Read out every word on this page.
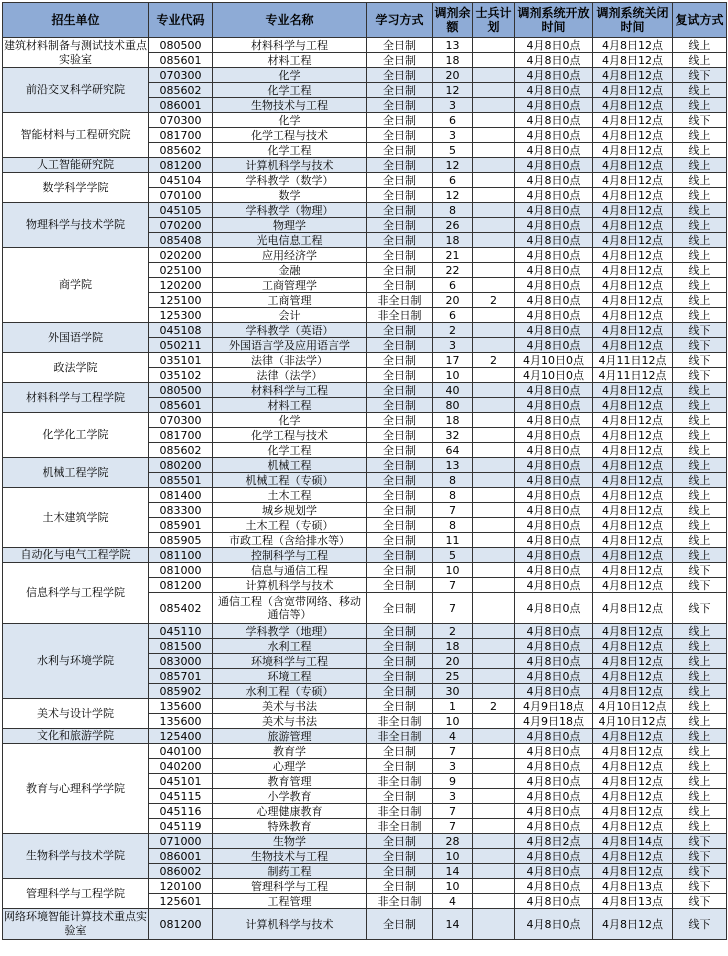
招生单位	专业代码	专业名称	学习方式	调剂余额	士兵计划	调剂系统开放时间	调剂系统关闭时间	复试方式
建筑材料制备与测试技术重点实验室	080500	材料科学与工程	全日制	13		4月8日0点	4月8日12点	线上
	085601	材料工程	全日制	18		4月8日0点	4月8日12点	线上
前沿交叉科学研究院	070300	化学	全日制	20		4月8日0点	4月8日12点	线下
	085602	化学工程	全日制	12		4月8日0点	4月8日12点	线上
	086001	生物技术与工程	全日制	3		4月8日0点	4月8日12点	线上
智能材料与工程研究院	070300	化学	全日制	6		4月8日0点	4月8日12点	线下
	081700	化学工程与技术	全日制	3		4月8日0点	4月8日12点	线上
	085602	化学工程	全日制	5		4月8日0点	4月8日12点	线上
人工智能研究院	081200	计算机科学与技术	全日制	12		4月8日0点	4月8日12点	线上
数学科学学院	045104	学科教学（数学）	全日制	6		4月8日0点	4月8日12点	线上
	070100	数学	全日制	12		4月8日0点	4月8日12点	线上
物理科学与技术学院	045105	学科教学（物理）	全日制	8		4月8日0点	4月8日12点	线上
	070200	物理学	全日制	26		4月8日0点	4月8日12点	线上
	085408	光电信息工程	全日制	18		4月8日0点	4月8日12点	线上
商学院	020200	应用经济学	全日制	21		4月8日0点	4月8日12点	线上
	025100	金融	全日制	22		4月8日0点	4月8日12点	线上
	120200	工商管理学	全日制	6		4月8日0点	4月8日12点	线上
	125100	工商管理	非全日制	20	2	4月8日0点	4月8日12点	线上
	125300	会计	非全日制	6		4月8日0点	4月8日12点	线上
外国语学院	045108	学科教学（英语）	全日制	2		4月8日0点	4月8日12点	线下
	050211	外国语言学及应用语言学	全日制	3		4月8日0点	4月8日12点	线下
政法学院	035101	法律（非法学）	全日制	17	2	4月10日0点	4月11日12点	线下
	035102	法律（法学）	全日制	10		4月10日0点	4月11日12点	线下
材料科学与工程学院	080500	材料科学与工程	全日制	40		4月8日0点	4月8日12点	线上
	085601	材料工程	全日制	80		4月8日0点	4月8日12点	线上
化学化工学院	070300	化学	全日制	18		4月8日0点	4月8日12点	线上
	081700	化学工程与技术	全日制	32		4月8日0点	4月8日12点	线上
	085602	化学工程	全日制	64		4月8日0点	4月8日12点	线上
机械工程学院	080200	机械工程	全日制	13		4月8日0点	4月8日12点	线上
	085501	机械工程（专硕）	全日制	8		4月8日0点	4月8日12点	线上
土木建筑学院	081400	土木工程	全日制	8		4月8日0点	4月8日12点	线上
	083300	城乡规划学	全日制	7		4月8日0点	4月8日12点	线上
	085901	土木工程（专硕）	全日制	8		4月8日0点	4月8日12点	线上
	085905	市政工程（含给排水等）	全日制	11		4月8日0点	4月8日12点	线上
自动化与电气工程学院	081100	控制科学与工程	全日制	5		4月8日0点	4月8日12点	线上
信息科学与工程学院	081000	信息与通信工程	全日制	10		4月8日0点	4月8日12点	线下
	081200	计算机科学与技术	全日制	7		4月8日0点	4月8日12点	线下
	085402	通信工程（含宽带网络、移动通信等）	全日制	7		4月8日0点	4月8日12点	线下
水利与环境学院	045110	学科教学（地理）	全日制	2		4月8日0点	4月8日12点	线上
	081500	水利工程	全日制	18		4月8日0点	4月8日12点	线上
	083000	环境科学与工程	全日制	20		4月8日0点	4月8日12点	线上
	085701	环境工程	全日制	25		4月8日0点	4月8日12点	线上
	085902	水利工程（专硕）	全日制	30		4月8日0点	4月8日12点	线上
美术与设计学院	135600	美术与书法	全日制	1	2	4月9日18点	4月10日12点	线上
	135600	美术与书法	非全日制	10		4月9日18点	4月10日12点	线上
文化和旅游学院	125400	旅游管理	非全日制	4		4月8日0点	4月8日12点	线上
教育与心理科学学院	040100	教育学	全日制	7		4月8日0点	4月8日12点	线上
	040200	心理学	全日制	3		4月8日0点	4月8日12点	线上
	045101	教育管理	非全日制	9		4月8日0点	4月8日12点	线上
	045115	小学教育	全日制	3		4月8日0点	4月8日12点	线上
	045116	心理健康教育	非全日制	7		4月8日0点	4月8日12点	线上
	045119	特殊教育	非全日制	7		4月8日0点	4月8日12点	线上
生物科学与技术学院	071000	生物学	全日制	28		4月8日2点	4月8日14点	线下
	086001	生物技术与工程	全日制	10		4月8日0点	4月8日12点	线下
	086002	制药工程	全日制	14		4月8日0点	4月8日12点	线下
管理科学与工程学院	120100	管理科学与工程	全日制	10		4月8日0点	4月8日13点	线下
	125601	工程管理	非全日制	4		4月8日0点	4月8日13点	线下
网络环境智能计算技术重点实验室	081200	计算机科学与技术	全日制	14		4月8日0点	4月8日12点	线下
